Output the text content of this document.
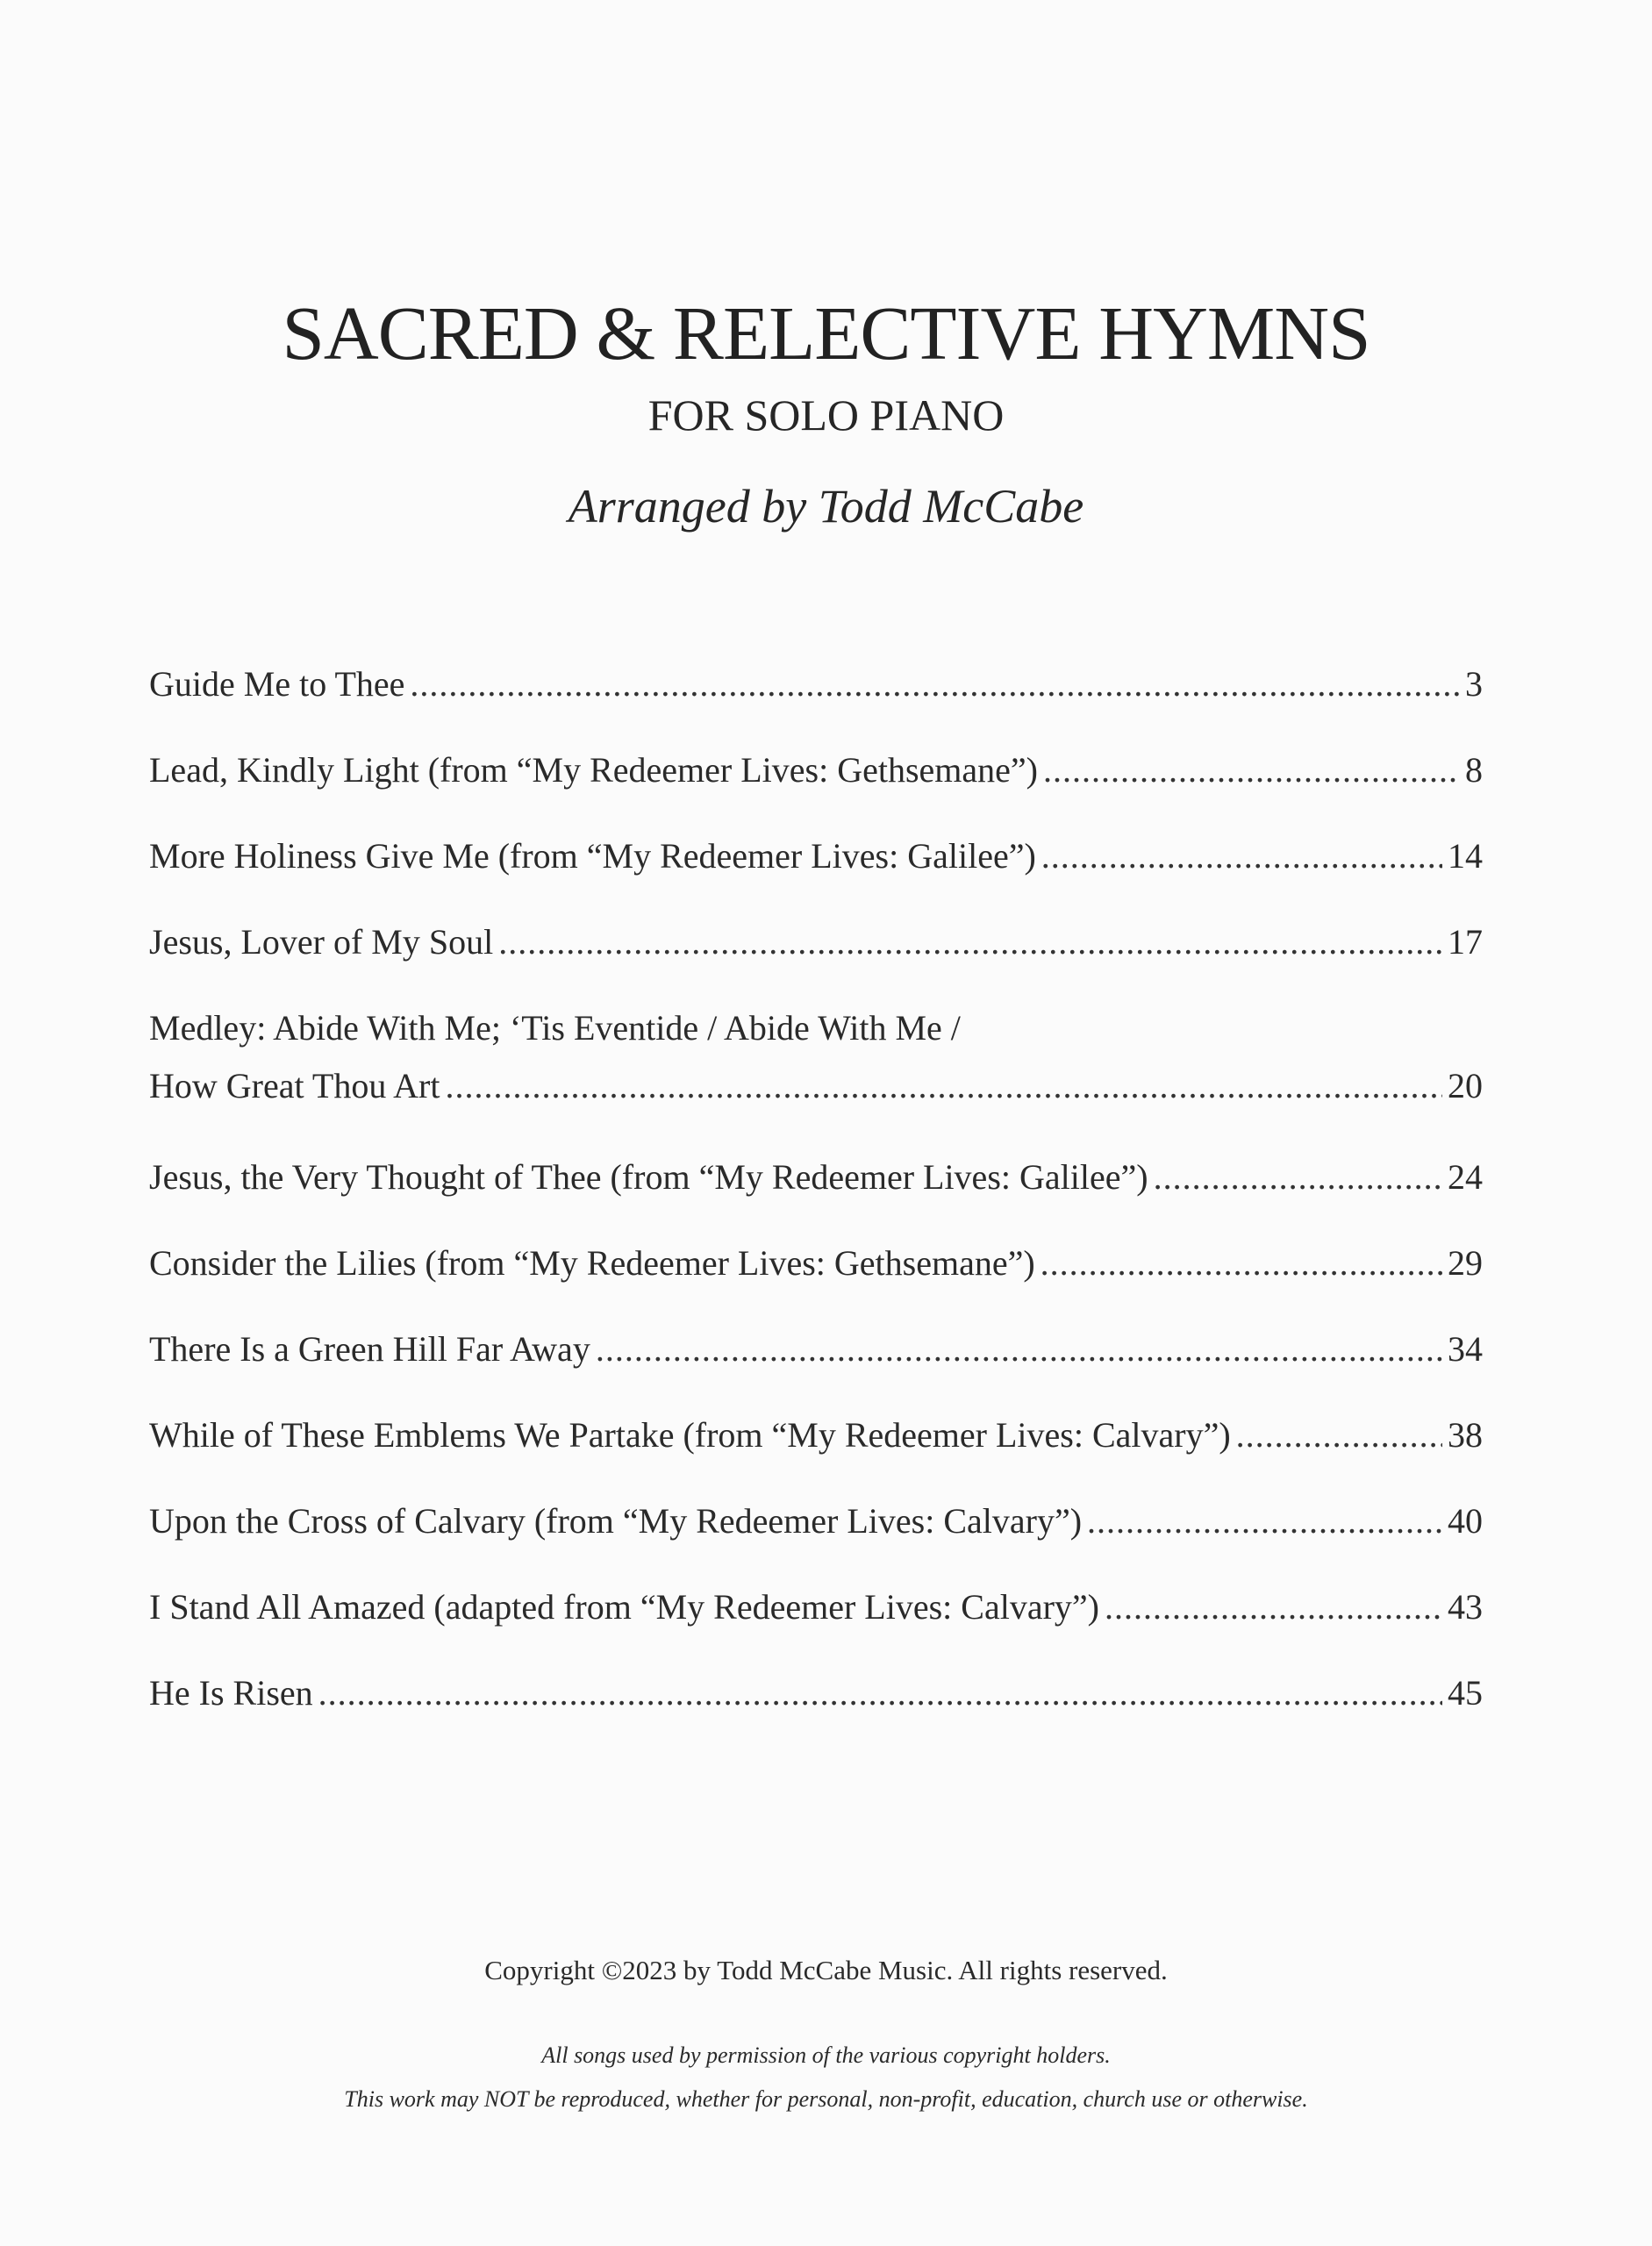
SACRED & RELECTIVE HYMNS
FOR SOLO PIANO
Arranged by Todd McCabe
Guide Me to Thee .....	3
Lead, Kindly Light (from “My Redeemer Lives: Gethsemane”) .....	8
More Holiness Give Me (from “My Redeemer Lives: Galilee”) .....	14
Jesus, Lover of My Soul .....	17
Medley: Abide With Me; ‘Tis Eventide / Abide With Me /
How Great Thou Art .....	20
Jesus, the Very Thought of Thee (from “My Redeemer Lives: Galilee”) .....	24
Consider the Lilies (from “My Redeemer Lives: Gethsemane”) .....	29
There Is a Green Hill Far Away .....	34
While of These Emblems We Partake (from “My Redeemer Lives: Calvary”) .....	38
Upon the Cross of Calvary (from “My Redeemer Lives: Calvary”) .....	40
I Stand All Amazed (adapted from “My Redeemer Lives: Calvary”) .....	43
He Is Risen .....	45
Copyright ©2023 by Todd McCabe Music. All rights reserved.
All songs used by permission of the various copyright holders.
This work may NOT be reproduced, whether for personal, non-profit, education, church use or otherwise.
